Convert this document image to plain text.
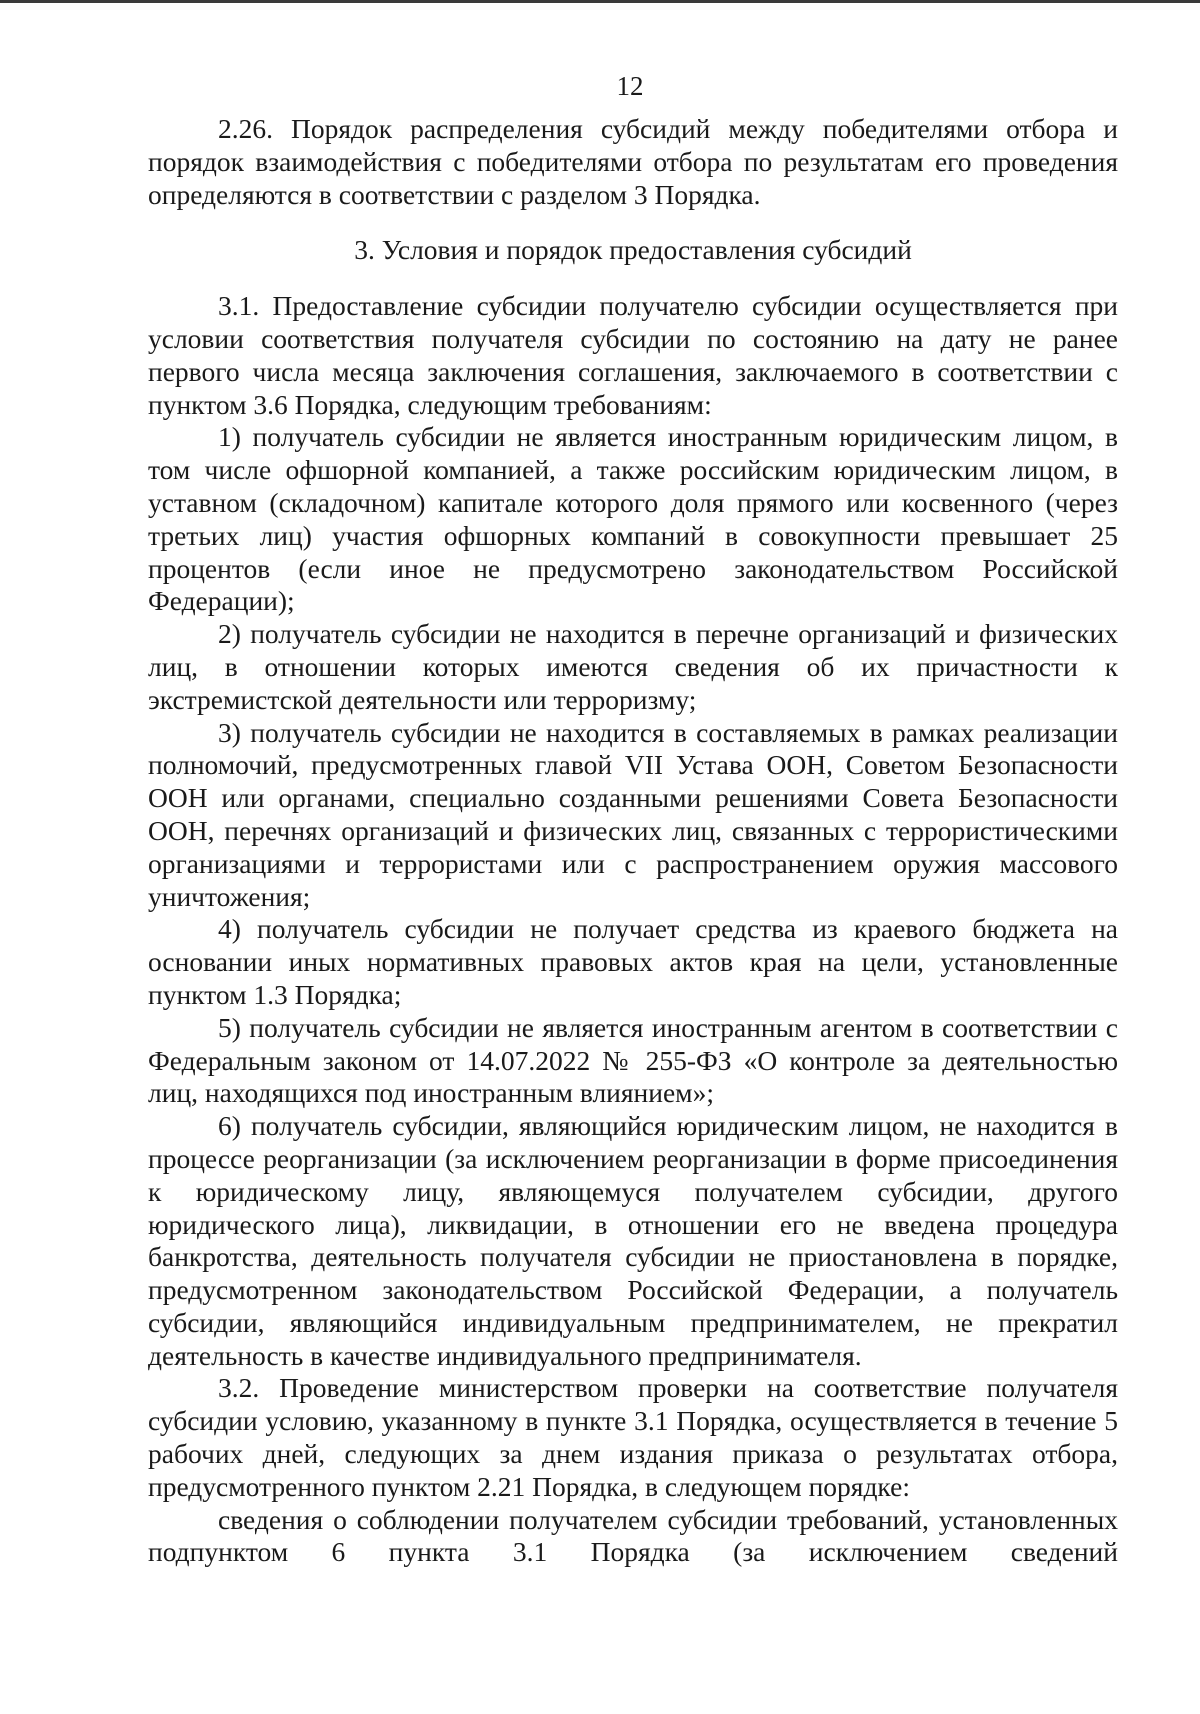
12

2.26. Порядок распределения субсидий между победителями отбора и порядок взаимодействия с победителями отбора по результатам его проведения определяются в соответствии с разделом 3 Порядка.

3. Условия и порядок предоставления субсидий

3.1. Предоставление субсидии получателю субсидии осуществляется при условии соответствия получателя субсидии по состоянию на дату не ранее первого числа месяца заключения соглашения, заключаемого в соответствии с пунктом 3.6 Порядка, следующим требованиям:

1) получатель субсидии не является иностранным юридическим лицом, в том числе офшорной компанией, а также российским юридическим лицом, в уставном (складочном) капитале которого доля прямого или косвенного (через третьих лиц) участия офшорных компаний в совокупности превышает 25 процентов (если иное не предусмотрено законодательством Российской Федерации);

2) получатель субсидии не находится в перечне организаций и физических лиц, в отношении которых имеются сведения об их причастности к экстремистской деятельности или терроризму;

3) получатель субсидии не находится в составляемых в рамках реализации полномочий, предусмотренных главой VII Устава ООН, Советом Безопасности ООН или органами, специально созданными решениями Совета Безопасности ООН, перечнях организаций и физических лиц, связанных с террористическими организациями и террористами или с распространением оружия массового уничтожения;

4) получатель субсидии не получает средства из краевого бюджета на основании иных нормативных правовых актов края на цели, установленные пунктом 1.3 Порядка;

5) получатель субсидии не является иностранным агентом в соответствии с Федеральным законом от 14.07.2022 № 255-ФЗ «О контроле за деятельностью лиц, находящихся под иностранным влиянием»;

6) получатель субсидии, являющийся юридическим лицом, не находится в процессе реорганизации (за исключением реорганизации в форме присоединения к юридическому лицу, являющемуся получателем субсидии, другого юридического лица), ликвидации, в отношении его не введена процедура банкротства, деятельность получателя субсидии не приостановлена в порядке, предусмотренном законодательством Российской Федерации, а получатель субсидии, являющийся индивидуальным предпринимателем, не прекратил деятельность в качестве индивидуального предпринимателя.

3.2. Проведение министерством проверки на соответствие получателя субсидии условию, указанному в пункте 3.1 Порядка, осуществляется в течение 5 рабочих дней, следующих за днем издания приказа о результатах отбора, предусмотренного пунктом 2.21 Порядка, в следующем порядке:

сведения о соблюдении получателем субсидии требований, установленных подпунктом 6 пункта 3.1 Порядка (за исключением сведений
